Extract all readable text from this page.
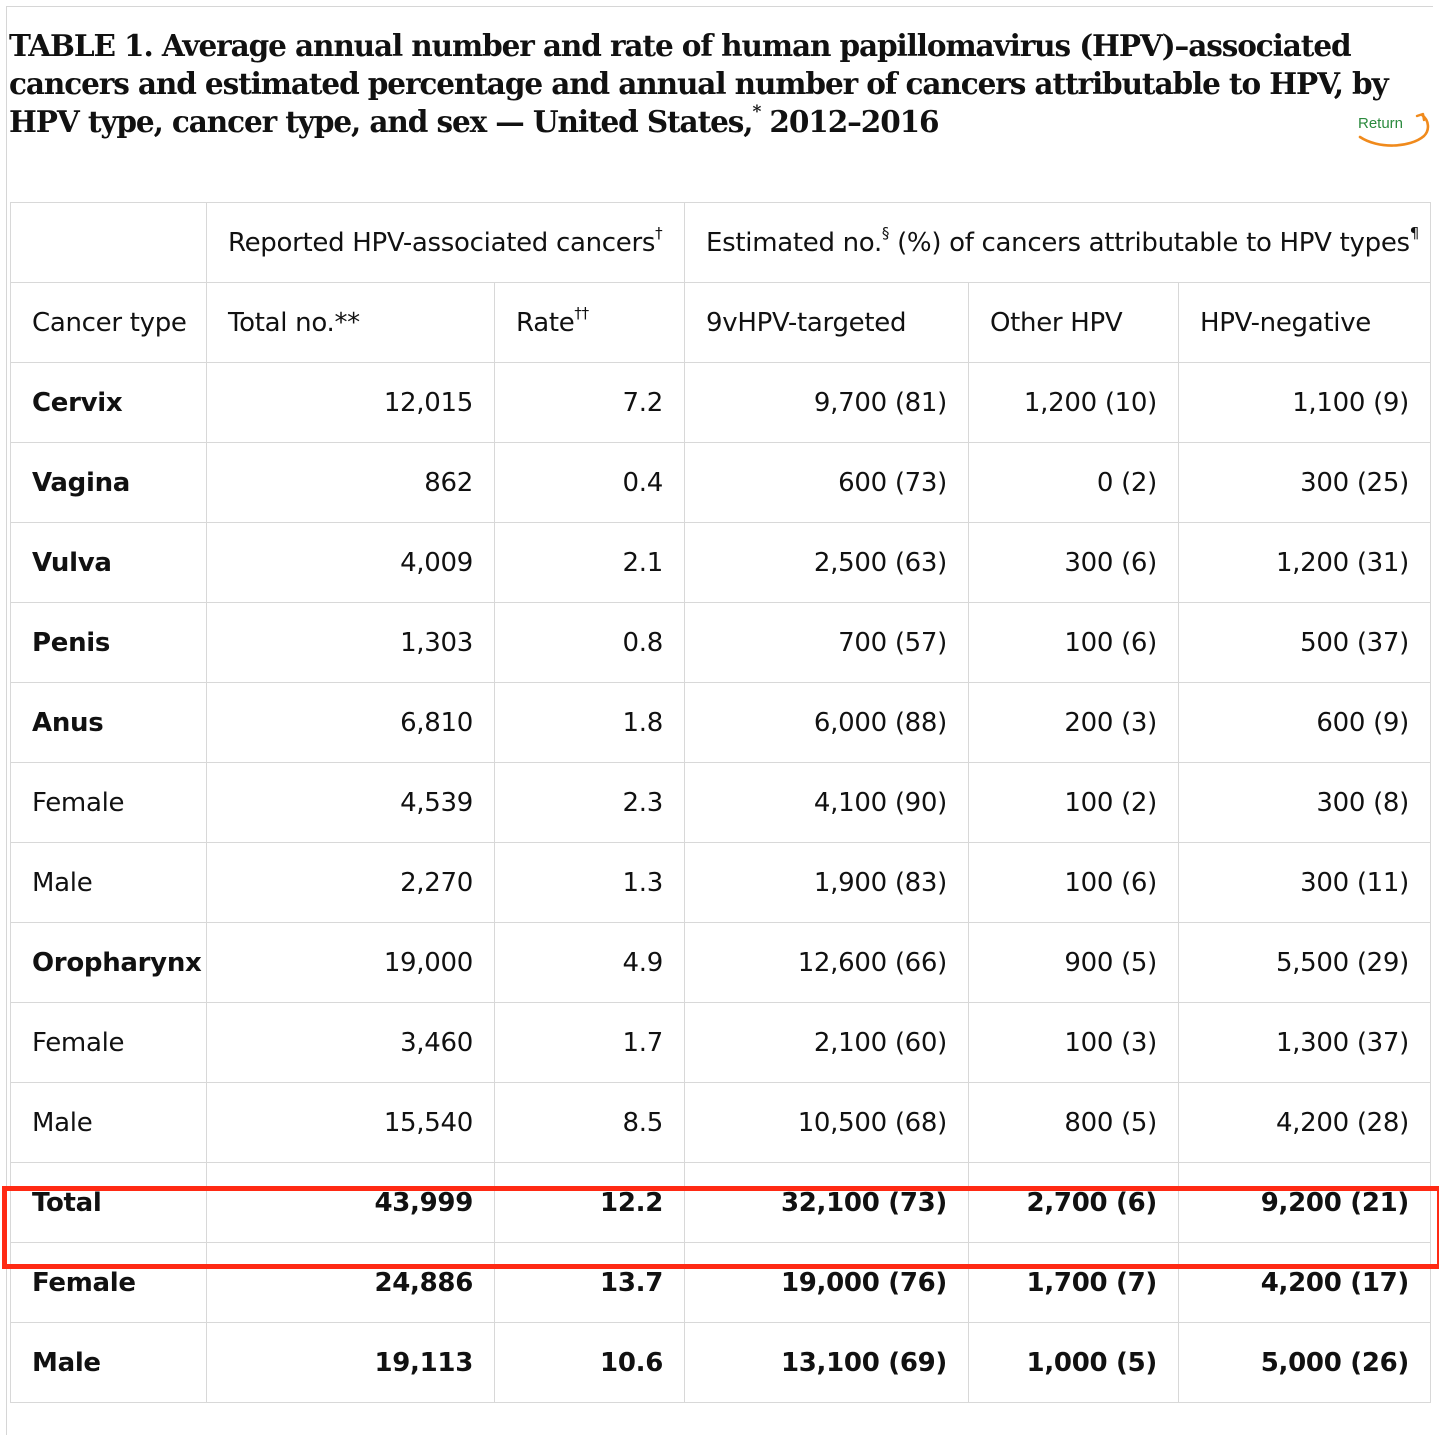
TABLE 1. Average annual number and rate of human papillomavirus (HPV)–associated cancers and estimated percentage and annual number of cancers attributable to HPV, by HPV type, cancer type, and sex — United States,* 2012–2016	Return
	Reported HPV-associated cancers†		Estimated no.§ (%) of cancers attributable to HPV types¶
Cancer type	Total no.**	Rate††	9vHPV-targeted	Other HPV	HPV-negative
Cervix	12,015	7.2	9,700 (81)	1,200 (10)	1,100 (9)
Vagina	862	0.4	600 (73)	0 (2)	300 (25)
Vulva	4,009	2.1	2,500 (63)	300 (6)	1,200 (31)
Penis	1,303	0.8	700 (57)	100 (6)	500 (37)
Anus	6,810	1.8	6,000 (88)	200 (3)	600 (9)
Female	4,539	2.3	4,100 (90)	100 (2)	300 (8)
Male	2,270	1.3	1,900 (83)	100 (6)	300 (11)
Oropharynx	19,000	4.9	12,600 (66)	900 (5)	5,500 (29)
Female	3,460	1.7	2,100 (60)	100 (3)	1,300 (37)
Male	15,540	8.5	10,500 (68)	800 (5)	4,200 (28)
Total	43,999	12.2	32,100 (73)	2,700 (6)	9,200 (21)
Female	24,886	13.7	19,000 (76)	1,700 (7)	4,200 (17)
Male	19,113	10.6	13,100 (69)	1,000 (5)	5,000 (26)
